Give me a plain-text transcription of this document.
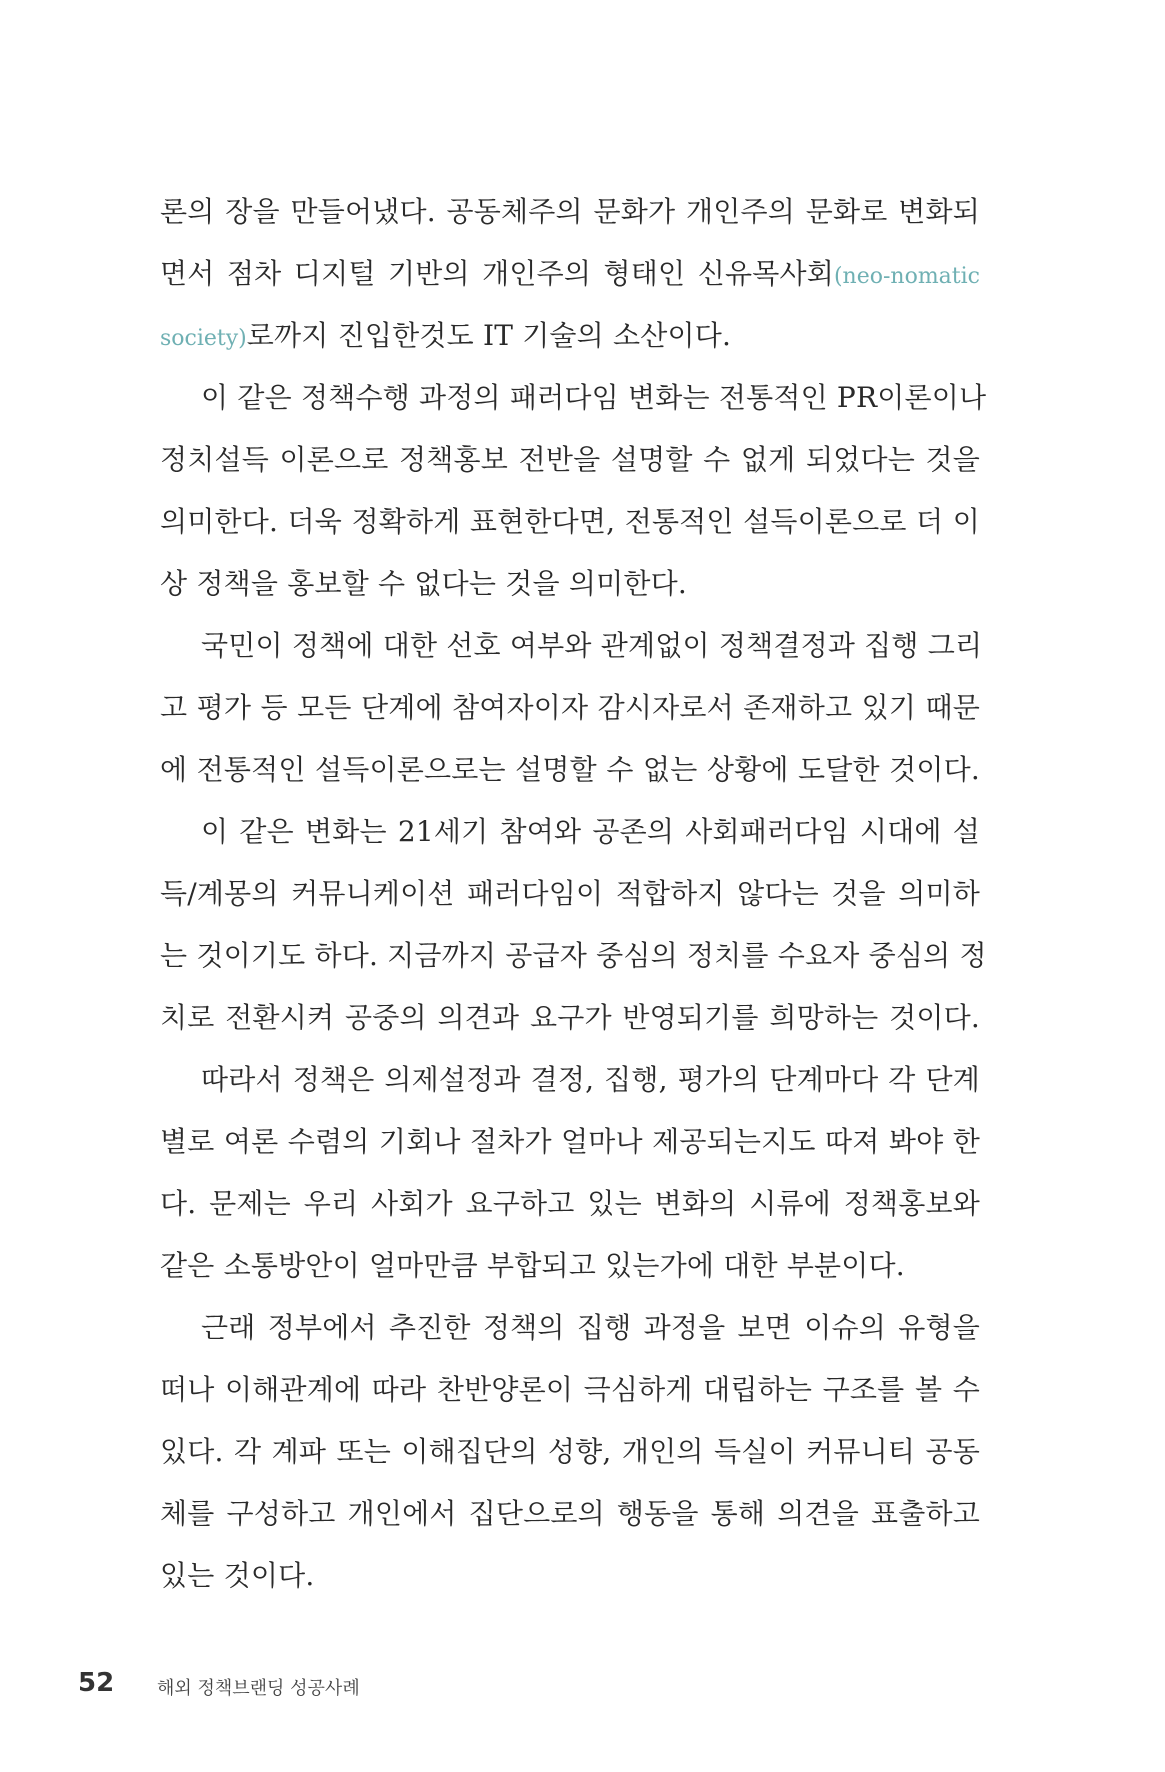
론의 장을 만들어냈다. 공동체주의 문화가 개인주의 문화로 변화되
면서 점차 디지털 기반의 개인주의 형태인 신유목사회(neo-nomatic
society)로까지 진입한것도 IT 기술의 소산이다.
이 같은 정책수행 과정의 패러다임 변화는 전통적인 PR이론이나
정치설득 이론으로 정책홍보 전반을 설명할 수 없게 되었다는 것을
의미한다. 더욱 정확하게 표현한다면, 전통적인 설득이론으로 더 이
상 정책을 홍보할 수 없다는 것을 의미한다.
국민이 정책에 대한 선호 여부와 관계없이 정책결정과 집행 그리
고 평가 등 모든 단계에 참여자이자 감시자로서 존재하고 있기 때문
에 전통적인 설득이론으로는 설명할 수 없는 상황에 도달한 것이다.
이 같은 변화는 21세기 참여와 공존의 사회패러다임 시대에 설
득/계몽의 커뮤니케이션 패러다임이 적합하지 않다는 것을 의미하
는 것이기도 하다. 지금까지 공급자 중심의 정치를 수요자 중심의 정
치로 전환시켜 공중의 의견과 요구가 반영되기를 희망하는 것이다.
따라서 정책은 의제설정과 결정, 집행, 평가의 단계마다 각 단계
별로 여론 수렴의 기회나 절차가 얼마나 제공되는지도 따져 봐야 한
다. 문제는 우리 사회가 요구하고 있는 변화의 시류에 정책홍보와
같은 소통방안이 얼마만큼 부합되고 있는가에 대한 부분이다.
근래 정부에서 추진한 정책의 집행 과정을 보면 이슈의 유형을
떠나 이해관계에 따라 찬반양론이 극심하게 대립하는 구조를 볼 수
있다. 각 계파 또는 이해집단의 성향, 개인의 득실이 커뮤니티 공동
체를 구성하고 개인에서 집단으로의 행동을 통해 의견을 표출하고
있는 것이다.
52 해외 정책브랜딩 성공사례
